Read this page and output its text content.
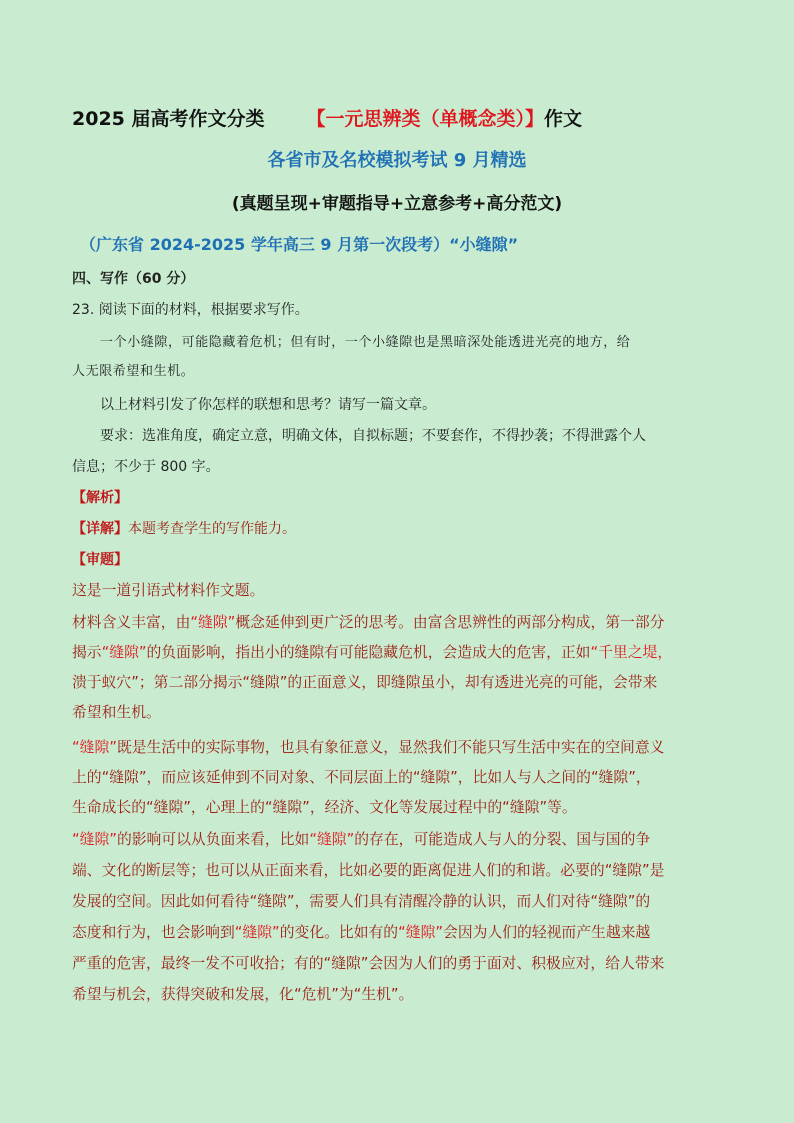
2025 届高考作文分类 【一元思辨类（单概念类）】作文
各省市及名校模拟考试 9 月精选
(真题呈现+审题指导+立意参考+高分范文)
（广东省 2024-2025 学年高三 9 月第一次段考）“小缝隙”
四、写作（60 分）
23. 阅读下面的材料，根据要求写作。
一个小缝隙，可能隐藏着危机；但有时，一个小缝隙也是黑暗深处能透进光亮的地方，给
人无限希望和生机。
以上材料引发了你怎样的联想和思考？请写一篇文章。
要求：选准角度，确定立意，明确文体，自拟标题；不要套作，不得抄袭；不得泄露个人
信息；不少于 800 字。
【解析】
【详解】本题考查学生的写作能力。
【审题】
这是一道引语式材料作文题。
材料含义丰富，由“缝隙”概念延伸到更广泛的思考。由富含思辨性的两部分构成，第一部分
揭示“缝隙”的负面影响，指出小的缝隙有可能隐藏危机，会造成大的危害，正如“千里之堤，
溃于蚁穴”；第二部分揭示“缝隙”的正面意义，即缝隙虽小，却有透进光亮的可能，会带来
希望和生机。
“缝隙”既是生活中的实际事物，也具有象征意义，显然我们不能只写生活中实在的空间意义
上的“缝隙”，而应该延伸到不同对象、不同层面上的“缝隙”，比如人与人之间的“缝隙”，
生命成长的“缝隙”，心理上的“缝隙”，经济、文化等发展过程中的“缝隙”等。
“缝隙”的影响可以从负面来看，比如“缝隙”的存在，可能造成人与人的分裂、国与国的争
端、文化的断层等；也可以从正面来看，比如必要的距离促进人们的和谐。必要的“缝隙”是
发展的空间。因此如何看待“缝隙”，需要人们具有清醒冷静的认识，而人们对待“缝隙”的
态度和行为，也会影响到“缝隙”的变化。比如有的“缝隙”会因为人们的轻视而产生越来越
严重的危害，最终一发不可收拾；有的“缝隙”会因为人们的勇于面对、积极应对，给人带来
希望与机会，获得突破和发展，化“危机”为“生机”。
